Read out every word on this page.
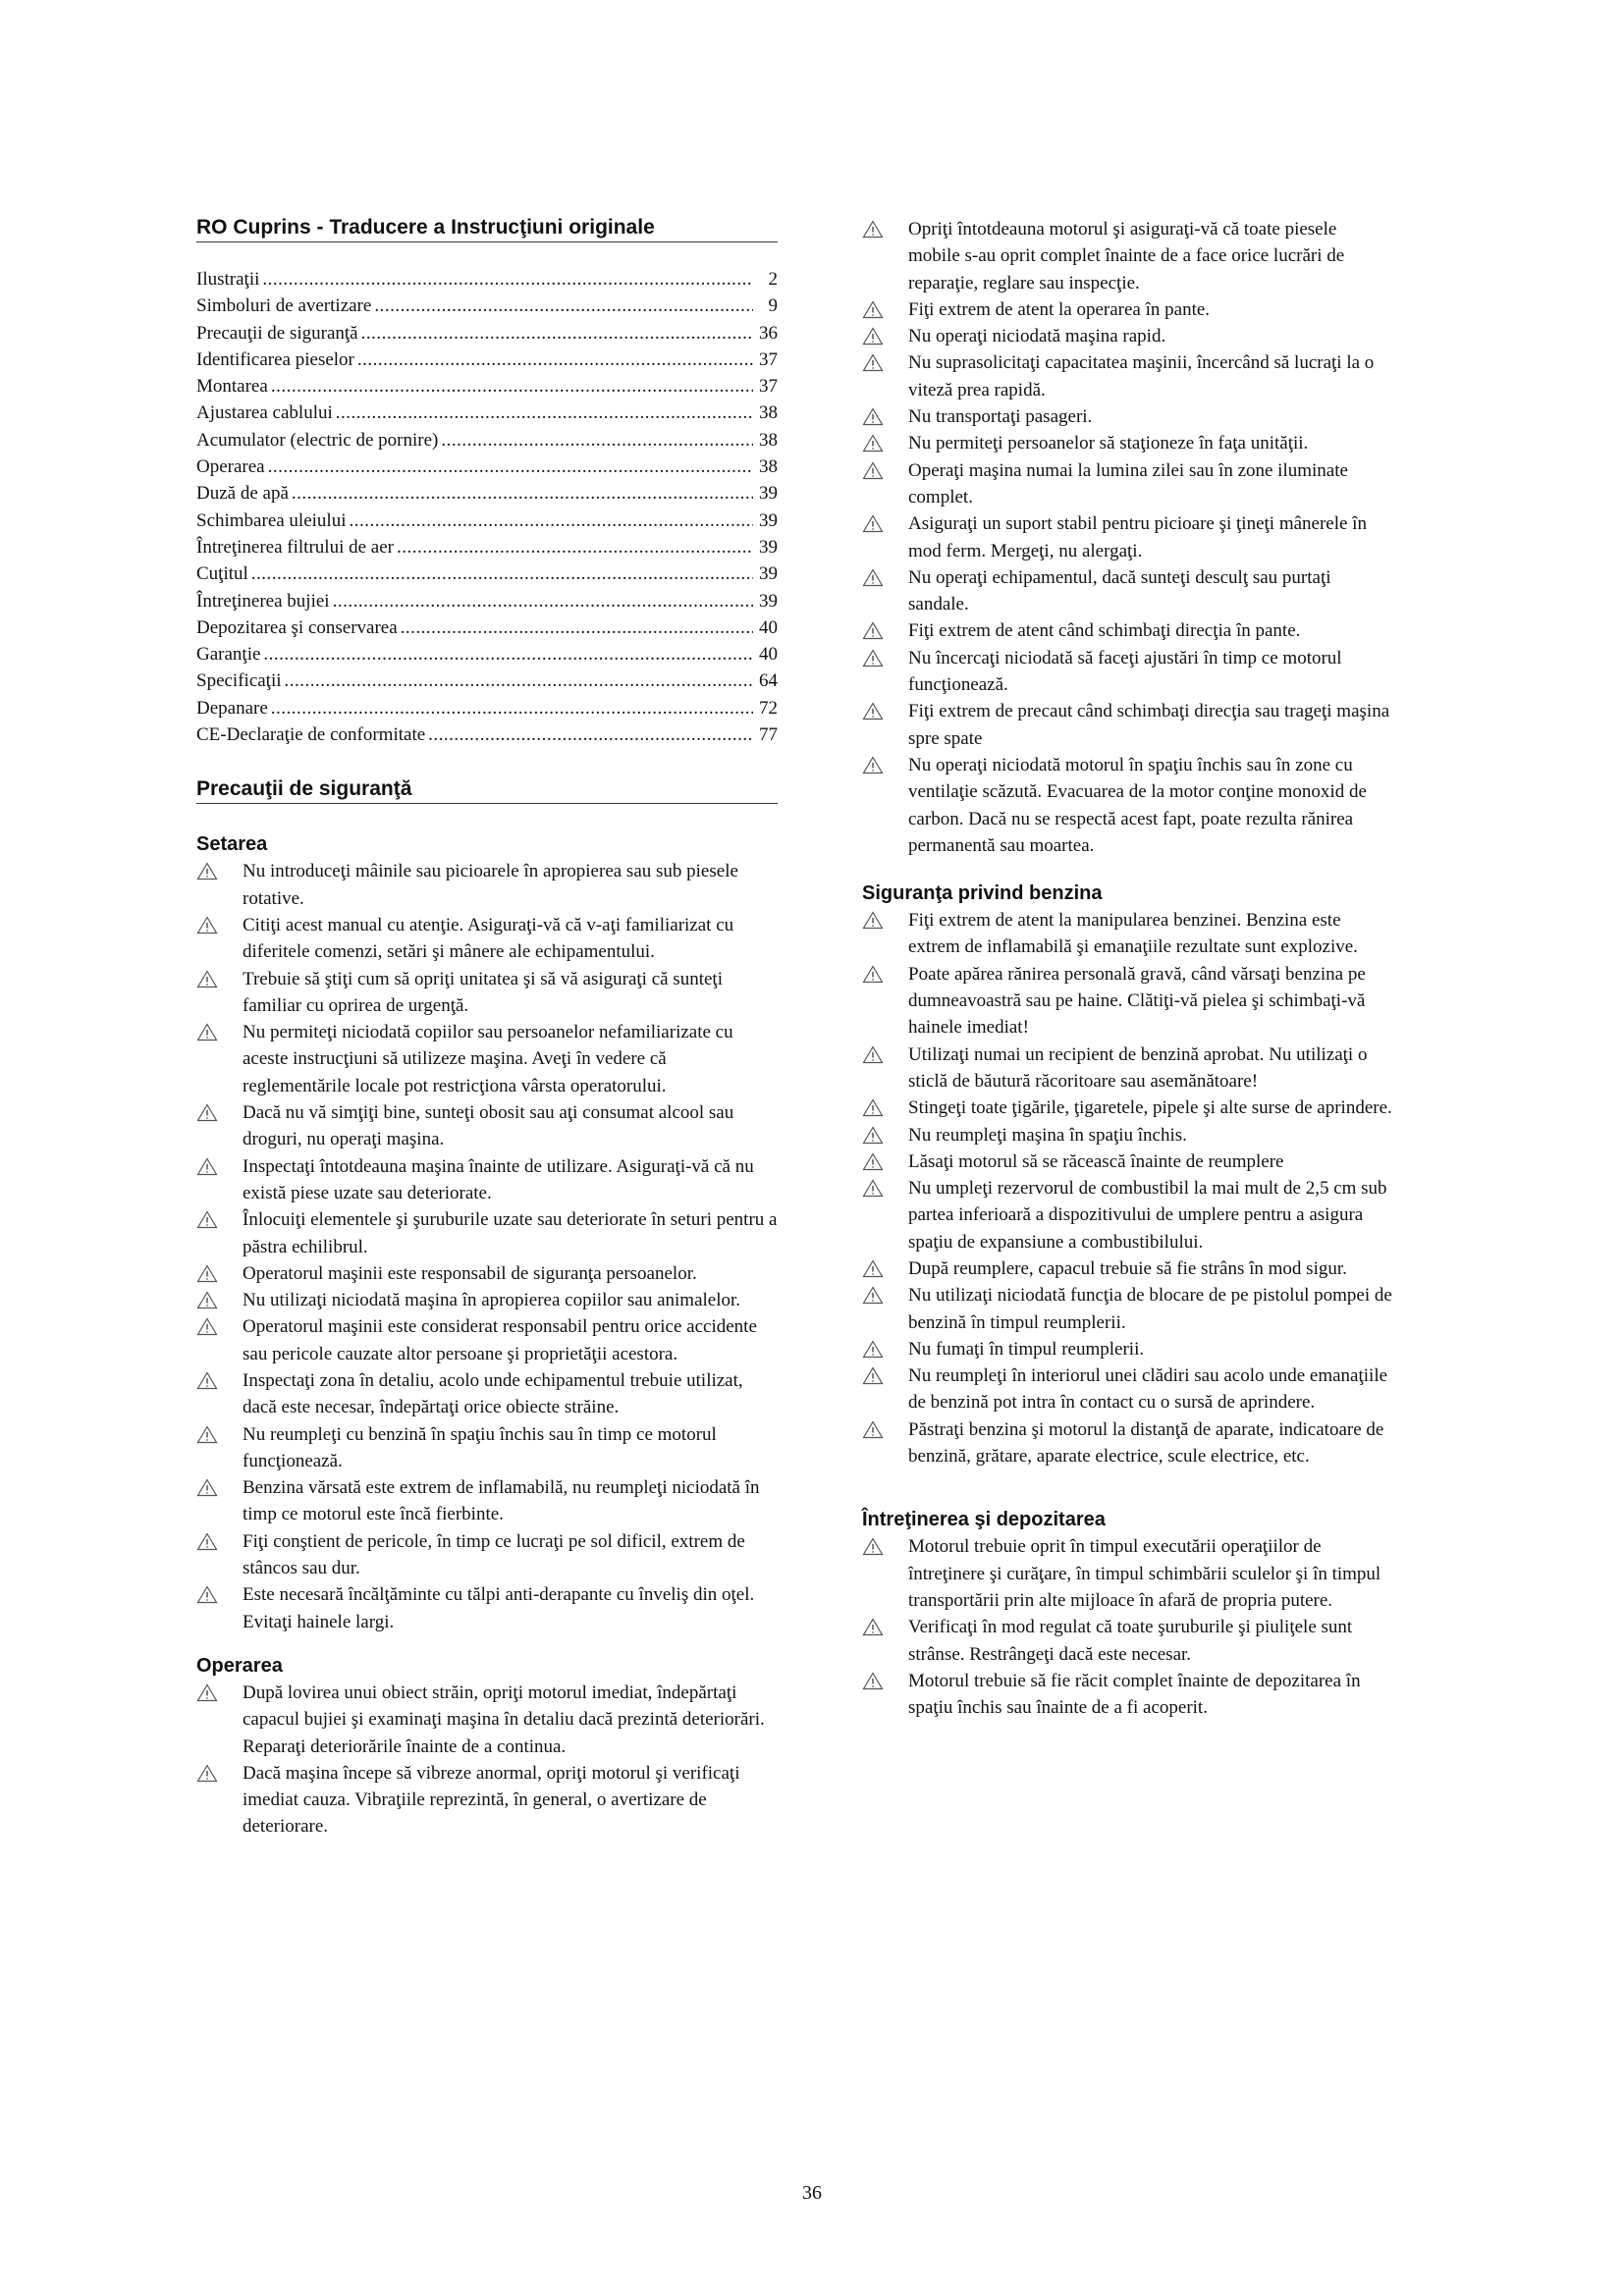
RO Cuprins - Traducere a Instrucţiuni originale
Ilustraţii .....	2
Simboluri de avertizare .....	9
Precauţii de siguranţă .....	36
Identificarea pieselor .....	37
Montarea .....	37
Ajustarea cablului .....	38
Acumulator (electric de pornire) .....	38
Operarea .....	38
Duză de apă .....	39
Schimbarea uleiului .....	39
Întreţinerea filtrului de aer .....	39
Cuţitul .....	39
Întreţinerea bujiei .....	39
Depozitarea şi conservarea .....	40
Garanţie .....	40
Specificaţii .....	64
Depanare .....	72
CE-Declaraţie de conformitate .....	77
Precauţii de siguranţă
Setarea
Nu introduceţi mâinile sau picioarele în apropierea sau sub piesele rotative.
Citiţi acest manual cu atenţie. Asiguraţi-vă că v-aţi familiarizat cu diferitele comenzi, setări şi mânere ale echipamentului.
Trebuie să ştiţi cum să opriţi unitatea şi să vă asiguraţi că sunteţi familiar cu oprirea de urgenţă.
Nu permiteţi niciodată copiilor sau persoanelor nefamiliarizate cu aceste instrucţiuni să utilizeze maşina. Aveţi în vedere că reglementările locale pot restricţiona vârsta operatorului.
Dacă nu vă simţiţi bine, sunteţi obosit sau aţi consumat alcool sau droguri, nu operaţi maşina.
Inspectaţi întotdeauna maşina înainte de utilizare. Asiguraţi-vă că nu există piese uzate sau deteriorate.
Înlocuiţi elementele şi şuruburile uzate sau deteriorate în seturi pentru a păstra echilibrul.
Operatorul maşinii este responsabil de siguranţa persoanelor.
Nu utilizaţi niciodată maşina în apropierea copiilor sau animalelor.
Operatorul maşinii este considerat responsabil pentru orice accidente sau pericole cauzate altor persoane şi proprietăţii acestora.
Inspectaţi zona în detaliu, acolo unde echipamentul trebuie utilizat, dacă este necesar, îndepărtaţi orice obiecte străine.
Nu reumpleţi cu benzină în spaţiu închis sau în timp ce motorul funcţionează.
Benzina vărsată este extrem de inflamabilă, nu reumpleţi niciodată în timp ce motorul este încă fierbinte.
Fiţi conştient de pericole, în timp ce lucraţi pe sol dificil, extrem de stâncos sau dur.
Este necesară încălţăminte cu tălpi anti-derapante cu înveliş din oţel. Evitaţi hainele largi.
Operarea
După lovirea unui obiect străin, opriţi motorul imediat, îndepărtaţi capacul bujiei şi examinaţi maşina în detaliu dacă prezintă deteriorări. Reparaţi deteriorările înainte de a continua.
Dacă maşina începe să vibreze anormal, opriţi motorul şi verificaţi imediat cauza. Vibraţiile reprezintă, în general, o avertizare de deteriorare.
Opriţi întotdeauna motorul şi asiguraţi-vă că toate piesele mobile s-au oprit complet înainte de a face orice lucrări de reparaţie, reglare sau inspecţie.
Fiţi extrem de atent la operarea în pante.
Nu operaţi niciodată maşina rapid.
Nu suprasolicitaţi capacitatea maşinii, încercând să lucraţi la o viteză prea rapidă.
Nu transportaţi pasageri.
Nu permiteţi persoanelor să staţioneze în faţa unităţii.
Operaţi maşina numai la lumina zilei sau în zone iluminate complet.
Asiguraţi un suport stabil pentru picioare şi ţineţi mânerele în mod ferm. Mergeţi, nu alergaţi.
Nu operaţi echipamentul, dacă sunteţi desculţ sau purtaţi sandale.
Fiţi extrem de atent când schimbaţi direcţia în pante.
Nu încercaţi niciodată să faceţi ajustări în timp ce motorul funcţionează.
Fiţi extrem de precaut când schimbaţi direcţia sau trageţi maşina spre spate
Nu operaţi niciodată motorul în spaţiu închis sau în zone cu ventilaţie scăzută. Evacuarea de la motor conţine monoxid de carbon. Dacă nu se respectă acest fapt, poate rezulta rănirea permanentă sau moartea.
Siguranţa privind benzina
Fiţi extrem de atent la manipularea benzinei. Benzina este extrem de inflamabilă şi emanaţiile rezultate sunt explozive.
Poate apărea rănirea personală gravă, când vărsaţi benzina pe dumneavoastră sau pe haine. Clătiţi-vă pielea şi schimbaţi-vă hainele imediat!
Utilizaţi numai un recipient de benzină aprobat. Nu utilizaţi o sticlă de băutură răcoritoare sau asemănătoare!
Stingeţi toate ţigările, ţigaretele, pipele şi alte surse de aprindere.
Nu reumpleţi maşina în spaţiu închis.
Lăsaţi motorul să se răcească înainte de reumplere
Nu umpleţi rezervorul de combustibil la mai mult de 2,5 cm sub partea inferioară a dispozitivului de umplere pentru a asigura spaţiu de expansiune a combustibilului.
După reumplere, capacul trebuie să fie strâns în mod sigur.
Nu utilizaţi niciodată funcţia de blocare de pe pistolul pompei de benzină în timpul reumplerii.
Nu fumaţi în timpul reumplerii.
Nu reumpleţi în interiorul unei clădiri sau acolo unde emanaţiile de benzină pot intra în contact cu o sursă de aprindere.
Păstraţi benzina şi motorul la distanţă de aparate, indicatoare de benzină, grătare, aparate electrice, scule electrice, etc.
Întreţinerea şi depozitarea
Motorul trebuie oprit în timpul executării operaţiilor de întreţinere şi curăţare, în timpul schimbării sculelor şi în timpul transportării prin alte mijloace în afară de propria putere.
Verificaţi în mod regulat că toate şuruburile şi piuliţele sunt strânse. Restrângeţi dacă este necesar.
Motorul trebuie să fie răcit complet înainte de depozitarea în spaţiu închis sau înainte de a fi acoperit.
36
